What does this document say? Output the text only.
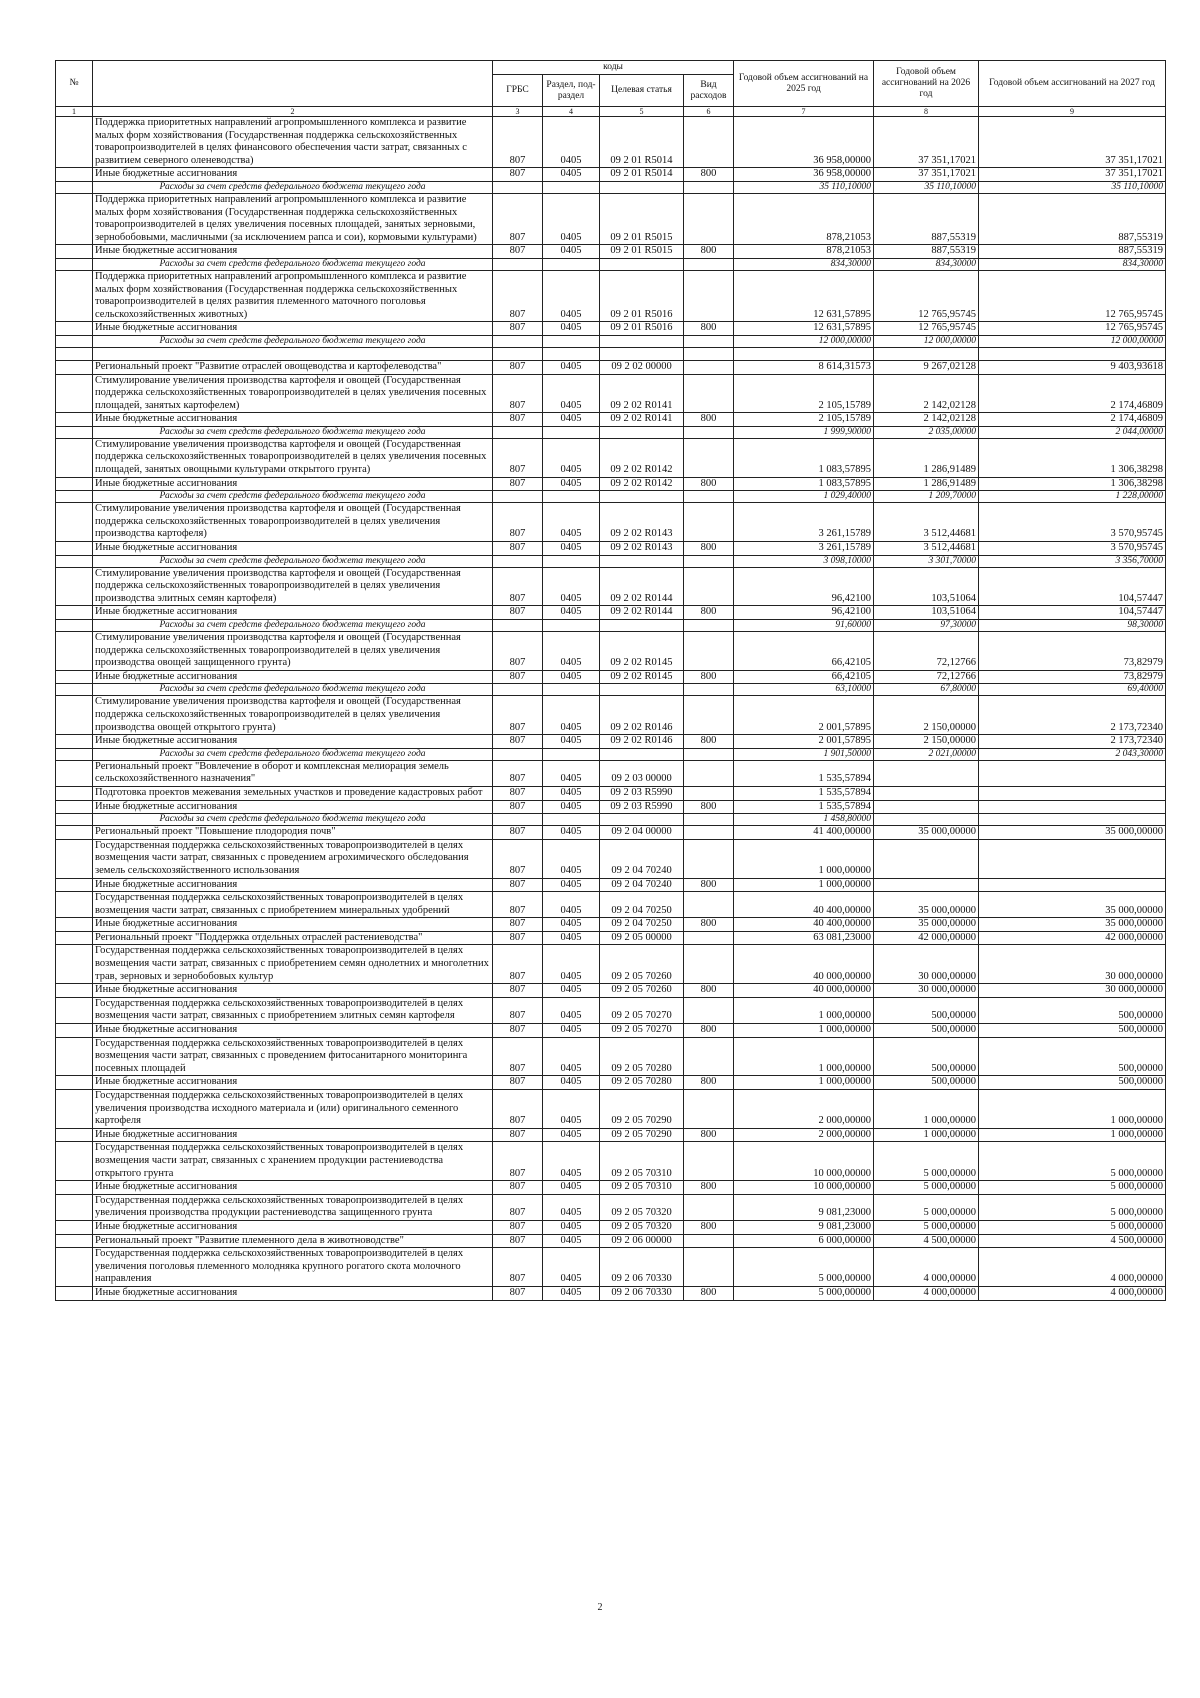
№		коды				Годовой объем ассигнований на 2025 год	Годовой объем ассигнований на 2026 год	Годовой объем ассигнований на 2027 год
		ГРБС	Раздел, под-раздел	Целевая статья	Вид расходов			
1	2	3	4	5	6	7	8	9
	Поддержка приоритетных направлений агропромышленного комплекса и развитие малых форм хозяйствования (Государственная поддержка сельскохозяйственных товаропроизводителей в целях финансового обеспечения части затрат, связанных с развитием северного оленеводства)	807	0405	09 2 01 R5014		36 958,00000	37 351,17021	37 351,17021
	Иные бюджетные ассигнования	807	0405	09 2 01 R5014	800	36 958,00000	37 351,17021	37 351,17021
	Расходы за счет средств федерального бюджета текущего года					35 110,10000	35 110,10000	35 110,10000
	Поддержка приоритетных направлений агропромышленного комплекса и развитие малых форм хозяйствования (Государственная поддержка сельскохозяйственных товаропроизводителей в целях увеличения посевных площадей, занятых зерновыми, зернобобовыми, масличными (за исключением рапса и сои), кормовыми культурами)	807	0405	09 2 01 R5015		878,21053	887,55319	887,55319
	Иные бюджетные ассигнования	807	0405	09 2 01 R5015	800	878,21053	887,55319	887,55319
	Расходы за счет средств федерального бюджета текущего года					834,30000	834,30000	834,30000
	Поддержка приоритетных направлений агропромышленного комплекса и развитие малых форм хозяйствования (Государственная поддержка сельскохозяйственных товаропроизводителей в целях развития племенного маточного поголовья сельскохозяйственных животных)	807	0405	09 2 01 R5016		12 631,57895	12 765,95745	12 765,95745
	Иные бюджетные ассигнования	807	0405	09 2 01 R5016	800	12 631,57895	12 765,95745	12 765,95745
	Расходы за счет средств федерального бюджета текущего года					12 000,00000	12 000,00000	12 000,00000

	Региональный проект "Развитие отраслей овощеводства и картофелеводства"	807	0405	09 2 02 00000		8 614,31573	9 267,02128	9 403,93618
	Стимулирование увеличения производства картофеля и овощей (Государственная поддержка сельскохозяйственных товаропроизводителей в целях увеличения посевных площадей, занятых картофелем)	807	0405	09 2 02 R0141		2 105,15789	2 142,02128	2 174,46809
	Иные бюджетные ассигнования	807	0405	09 2 02 R0141	800	2 105,15789	2 142,02128	2 174,46809
	Расходы за счет средств федерального бюджета текущего года					1 999,90000	2 035,00000	2 044,00000
	Стимулирование увеличения производства картофеля и овощей (Государственная поддержка сельскохозяйственных товаропроизводителей в целях увеличения посевных площадей, занятых овощными культурами открытого грунта)	807	0405	09 2 02 R0142		1 083,57895	1 286,91489	1 306,38298
	Иные бюджетные ассигнования	807	0405	09 2 02 R0142	800	1 083,57895	1 286,91489	1 306,38298
	Расходы за счет средств федерального бюджета текущего года					1 029,40000	1 209,70000	1 228,00000
	Стимулирование увеличения производства картофеля и овощей (Государственная поддержка сельскохозяйственных товаропроизводителей в целях увеличения производства картофеля)	807	0405	09 2 02 R0143		3 261,15789	3 512,44681	3 570,95745
	Иные бюджетные ассигнования	807	0405	09 2 02 R0143	800	3 261,15789	3 512,44681	3 570,95745
	Расходы за счет средств федерального бюджета текущего года					3 098,10000	3 301,70000	3 356,70000
	Стимулирование увеличения производства картофеля и овощей (Государственная поддержка сельскохозяйственных товаропроизводителей в целях увеличения производства элитных семян картофеля)	807	0405	09 2 02 R0144		96,42100	103,51064	104,57447
	Иные бюджетные ассигнования	807	0405	09 2 02 R0144	800	96,42100	103,51064	104,57447
	Расходы за счет средств федерального бюджета текущего года					91,60000	97,30000	98,30000
	Стимулирование увеличения производства картофеля и овощей (Государственная поддержка сельскохозяйственных товаропроизводителей в целях увеличения производства овощей защищенного грунта)	807	0405	09 2 02 R0145		66,42105	72,12766	73,82979
	Иные бюджетные ассигнования	807	0405	09 2 02 R0145	800	66,42105	72,12766	73,82979
	Расходы за счет средств федерального бюджета текущего года					63,10000	67,80000	69,40000
	Стимулирование увеличения производства картофеля и овощей (Государственная поддержка сельскохозяйственных товаропроизводителей в целях увеличения производства овощей открытого грунта)	807	0405	09 2 02 R0146		2 001,57895	2 150,00000	2 173,72340
	Иные бюджетные ассигнования	807	0405	09 2 02 R0146	800	2 001,57895	2 150,00000	2 173,72340
	Расходы за счет средств федерального бюджета текущего года					1 901,50000	2 021,00000	2 043,30000
	Региональный проект "Вовлечение в оборот и комплексная мелиорация земель сельскохозяйственного назначения"	807	0405	09 2 03 00000		1 535,57894		
	Подготовка проектов межевания земельных участков и проведение кадастровых работ	807	0405	09 2 03 R5990		1 535,57894		
	Иные бюджетные ассигнования	807	0405	09 2 03 R5990	800	1 535,57894		
	Расходы за счет средств федерального бюджета текущего года					1 458,80000		
	Региональный проект "Повышение плодородия почв"	807	0405	09 2 04 00000		41 400,00000	35 000,00000	35 000,00000
	Государственная поддержка сельскохозяйственных товаропроизводителей в целях возмещения части затрат, связанных с проведением агрохимического обследования земель сельскохозяйственного использования	807	0405	09 2 04 70240		1 000,00000		
	Иные бюджетные ассигнования	807	0405	09 2 04 70240	800	1 000,00000		
	Государственная поддержка сельскохозяйственных товаропроизводителей в целях возмещения части затрат, связанных с приобретением минеральных удобрений	807	0405	09 2 04 70250		40 400,00000	35 000,00000	35 000,00000
	Иные бюджетные ассигнования	807	0405	09 2 04 70250	800	40 400,00000	35 000,00000	35 000,00000
	Региональный проект "Поддержка отдельных отраслей растениеводства"	807	0405	09 2 05 00000		63 081,23000	42 000,00000	42 000,00000
	Государственная поддержка сельскохозяйственных товаропроизводителей в целях возмещения части затрат, связанных с приобретением семян однолетних и многолетних трав, зерновых и зернобобовых культур	807	0405	09 2 05 70260		40 000,00000	30 000,00000	30 000,00000
	Иные бюджетные ассигнования	807	0405	09 2 05 70260	800	40 000,00000	30 000,00000	30 000,00000
	Государственная поддержка сельскохозяйственных товаропроизводителей в целях возмещения части затрат, связанных с приобретением элитных семян картофеля	807	0405	09 2 05 70270		1 000,00000	500,00000	500,00000
	Иные бюджетные ассигнования	807	0405	09 2 05 70270	800	1 000,00000	500,00000	500,00000
	Государственная поддержка сельскохозяйственных товаропроизводителей в целях возмещения части затрат, связанных с проведением фитосанитарного мониторинга посевных площадей	807	0405	09 2 05 70280		1 000,00000	500,00000	500,00000
	Иные бюджетные ассигнования	807	0405	09 2 05 70280	800	1 000,00000	500,00000	500,00000
	Государственная поддержка сельскохозяйственных товаропроизводителей в целях увеличения производства исходного материала и (или) оригинального семенного картофеля	807	0405	09 2 05 70290		2 000,00000	1 000,00000	1 000,00000
	Иные бюджетные ассигнования	807	0405	09 2 05 70290	800	2 000,00000	1 000,00000	1 000,00000
	Государственная поддержка сельскохозяйственных товаропроизводителей в целях возмещения части затрат, связанных с хранением продукции растениеводства открытого грунта	807	0405	09 2 05 70310		10 000,00000	5 000,00000	5 000,00000
	Иные бюджетные ассигнования	807	0405	09 2 05 70310	800	10 000,00000	5 000,00000	5 000,00000
	Государственная поддержка сельскохозяйственных товаропроизводителей в целях увеличения производства продукции растениеводства защищенного грунта	807	0405	09 2 05 70320		9 081,23000	5 000,00000	5 000,00000
	Иные бюджетные ассигнования	807	0405	09 2 05 70320	800	9 081,23000	5 000,00000	5 000,00000
	Региональный проект "Развитие племенного дела в животноводстве"	807	0405	09 2 06 00000		6 000,00000	4 500,00000	4 500,00000
	Государственная поддержка сельскохозяйственных товаропроизводителей в целях увеличения поголовья племенного молодняка крупного рогатого скота молочного направления	807	0405	09 2 06 70330		5 000,00000	4 000,00000	4 000,00000
	Иные бюджетные ассигнования	807	0405	09 2 06 70330	800	5 000,00000	4 000,00000	4 000,00000
2
